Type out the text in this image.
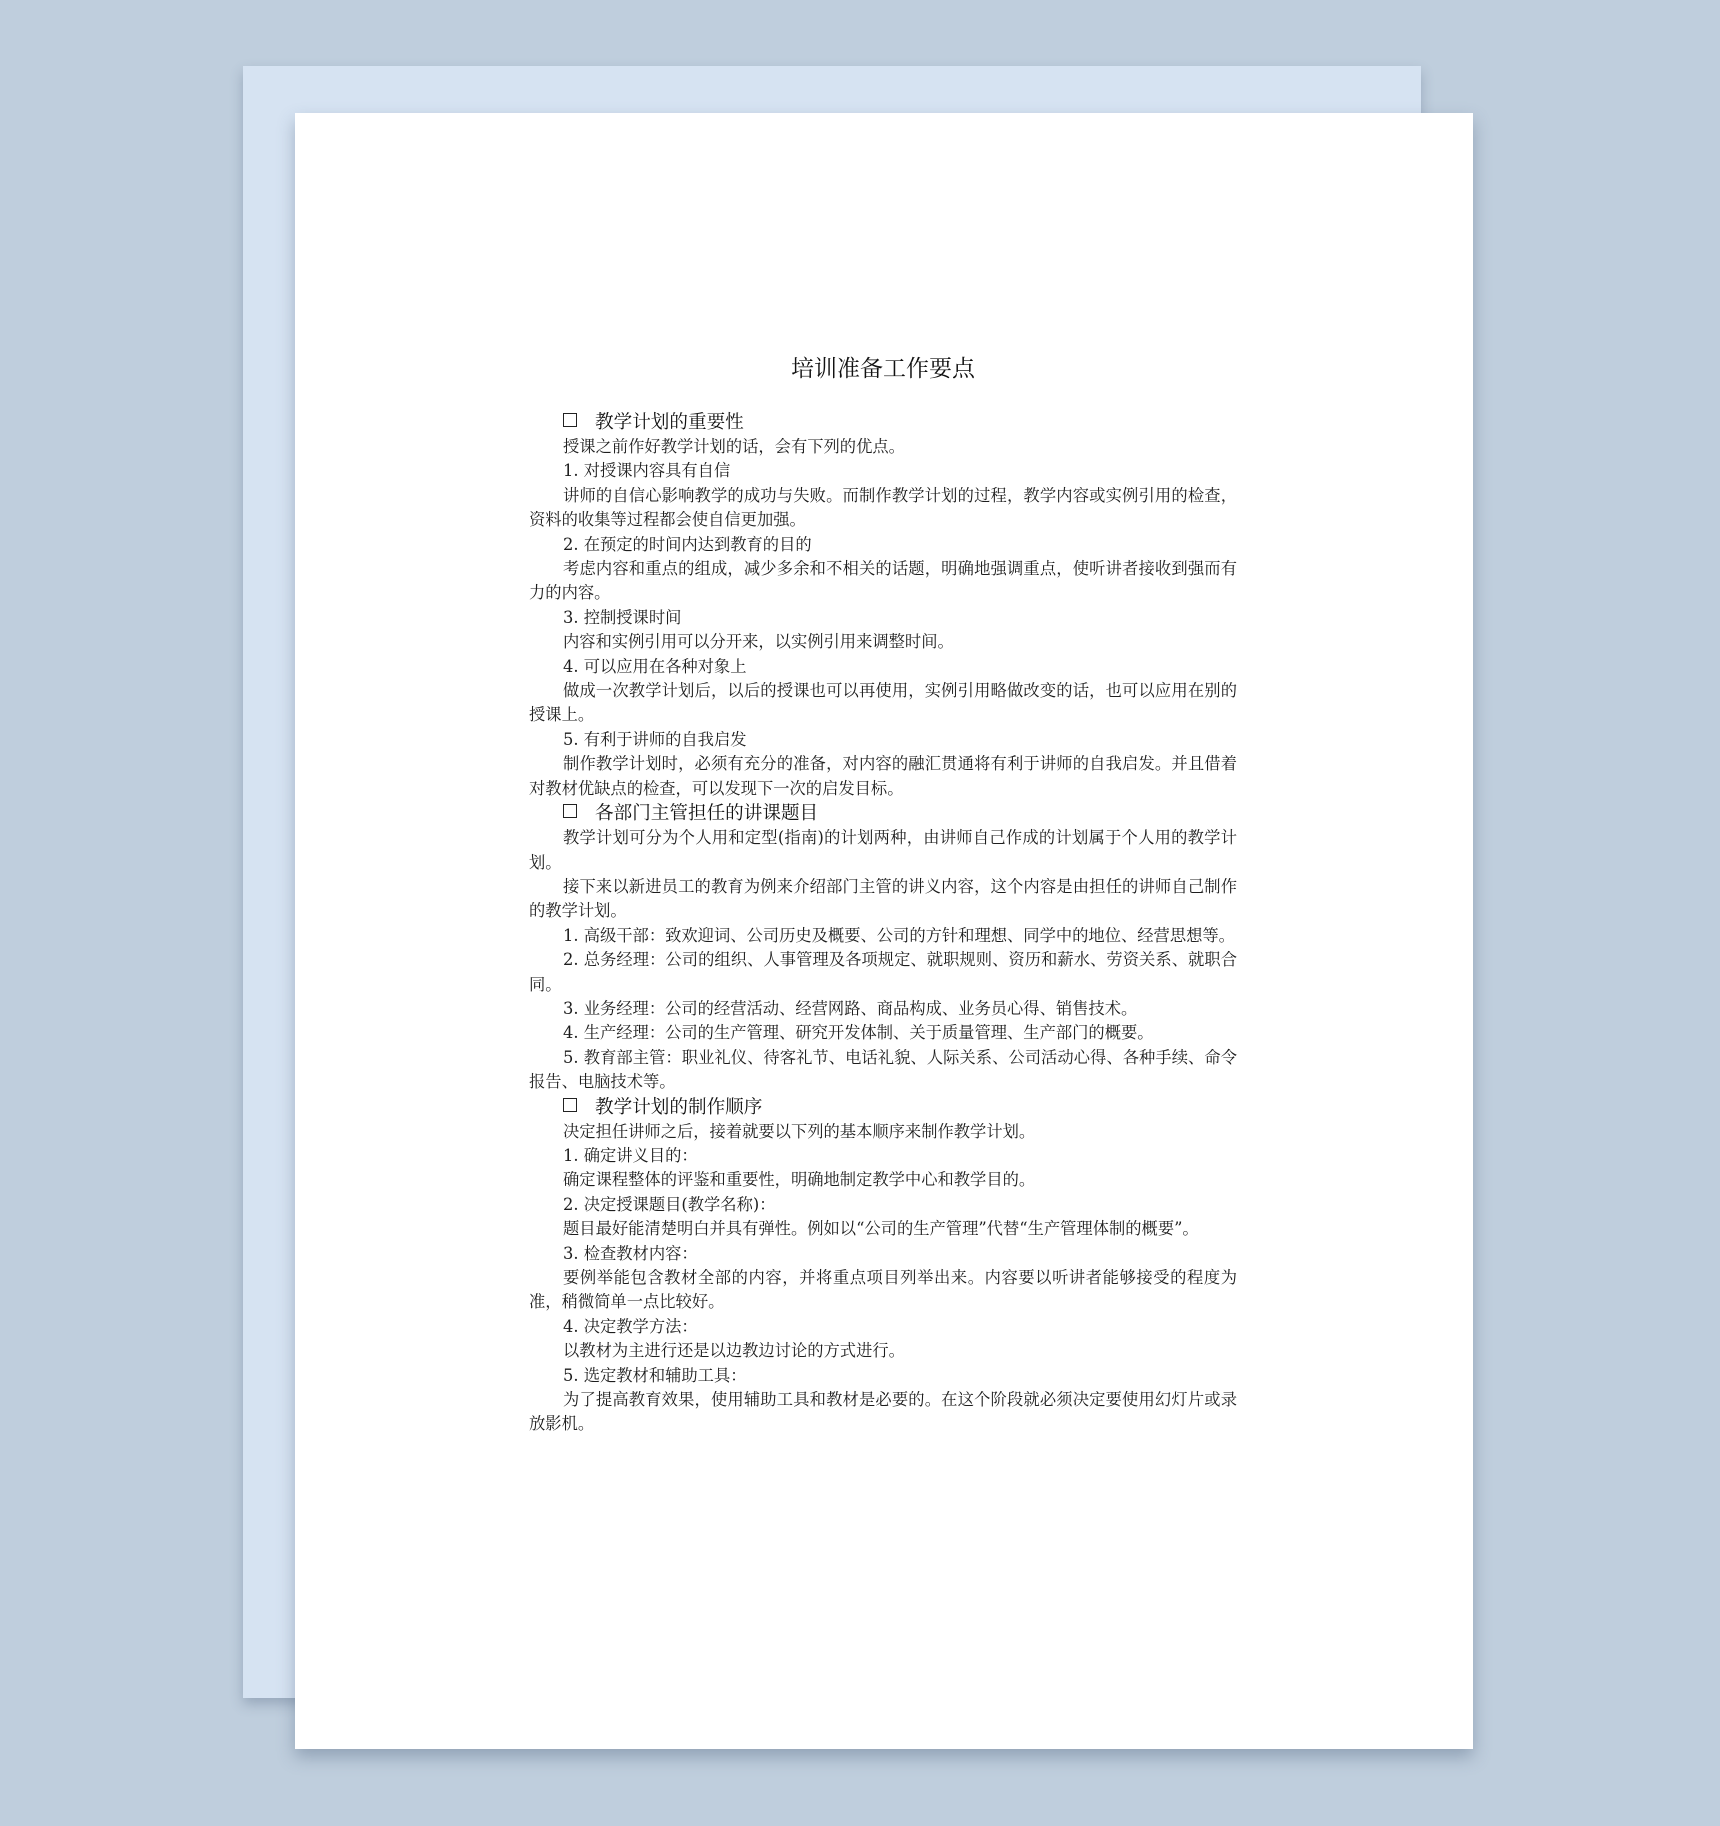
培训准备工作要点

教学计划的重要性

授课之前作好教学计划的话，会有下列的优点。

1. 对授课内容具有自信

讲师的自信心影响教学的成功与失败。而制作教学计划的过程，教学内容或实例引用的检查，资料的收集等过程都会使自信更加强。

2. 在预定的时间内达到教育的目的

考虑内容和重点的组成，减少多余和不相关的话题，明确地强调重点，使听讲者接收到强而有力的内容。

3. 控制授课时间

内容和实例引用可以分开来，以实例引用来调整时间。

4. 可以应用在各种对象上

做成一次教学计划后，以后的授课也可以再使用，实例引用略做改变的话，也可以应用在别的授课上。

5. 有利于讲师的自我启发

制作教学计划时，必须有充分的准备，对内容的融汇贯通将有利于讲师的自我启发。并且借着对教材优缺点的检查，可以发现下一次的启发目标。

各部门主管担任的讲课题目

教学计划可分为个人用和定型(指南)的计划两种，由讲师自己作成的计划属于个人用的教学计划。

接下来以新进员工的教育为例来介绍部门主管的讲义内容，这个内容是由担任的讲师自己制作的教学计划。

1. 高级干部：致欢迎词、公司历史及概要、公司的方针和理想、同学中的地位、经营思想等。

2. 总务经理：公司的组织、人事管理及各项规定、就职规则、资历和薪水、劳资关系、就职合同。

3. 业务经理：公司的经营活动、经营网路、商品构成、业务员心得、销售技术。

4. 生产经理：公司的生产管理、研究开发体制、关于质量管理、生产部门的概要。

5. 教育部主管：职业礼仪、待客礼节、电话礼貌、人际关系、公司活动心得、各种手续、命令报告、电脑技术等。

教学计划的制作顺序

决定担任讲师之后，接着就要以下列的基本顺序来制作教学计划。

1. 确定讲义目的：

确定课程整体的评鉴和重要性，明确地制定教学中心和教学目的。

2. 决定授课题目(教学名称)：

题目最好能清楚明白并具有弹性。例如以“公司的生产管理”代替“生产管理体制的概要”。

3. 检查教材内容：

要例举能包含教材全部的内容，并将重点项目列举出来。内容要以听讲者能够接受的程度为准，稍微简单一点比较好。

4. 决定教学方法：

以教材为主进行还是以边教边讨论的方式进行。

5. 选定教材和辅助工具：

为了提高教育效果，使用辅助工具和教材是必要的。在这个阶段就必须决定要使用幻灯片或录放影机。
